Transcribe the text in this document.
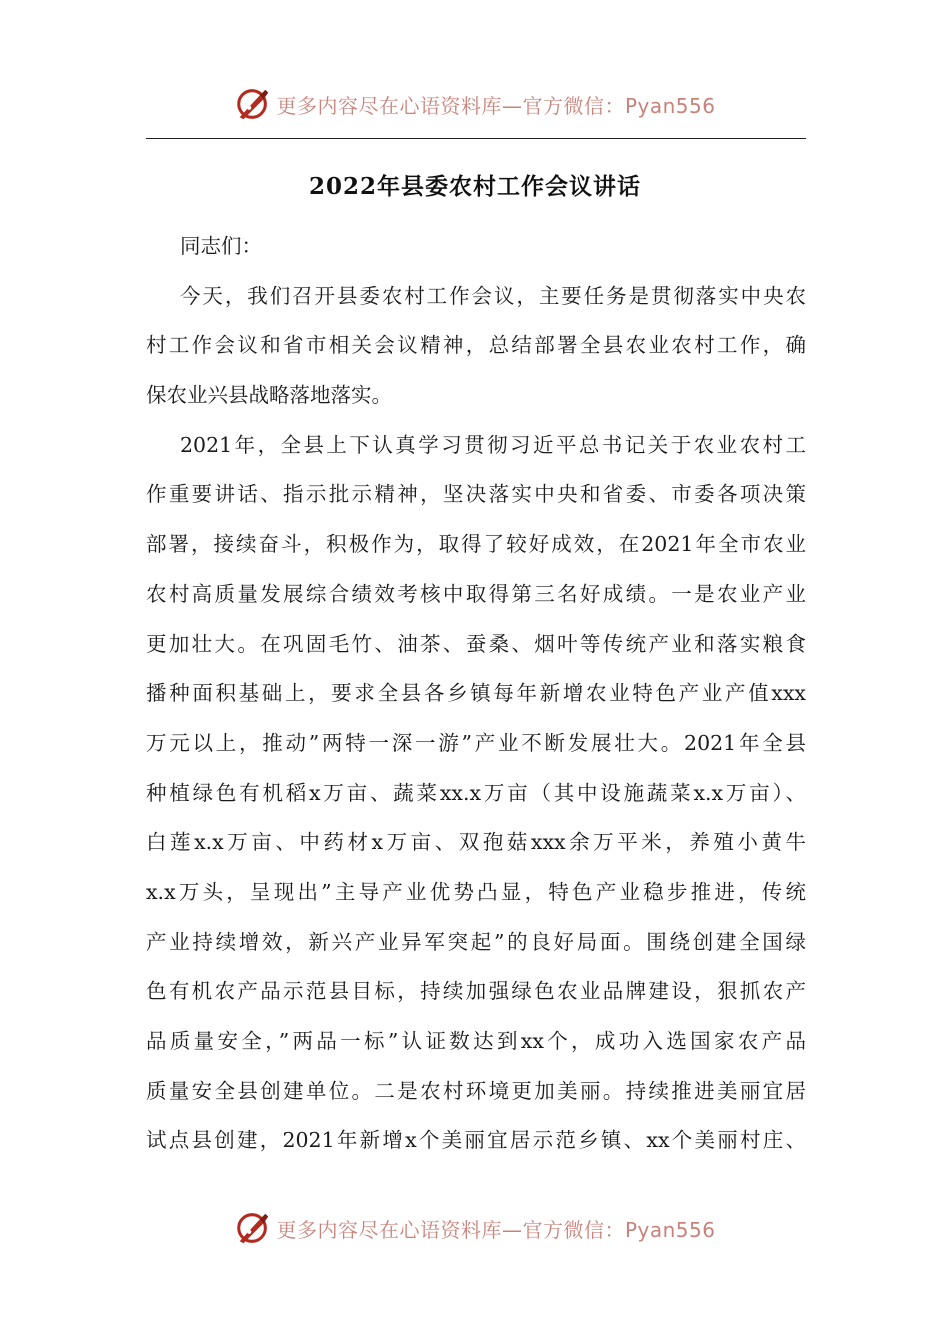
更多内容尽在心语资料库—官方微信：Pyan556
2022年县委农村工作会议讲话
同志们：
今天，我们召开县委农村工作会议，主要任务是贯彻落实中央农
村工作会议和省市相关会议精神，总结部署全县农业农村工作，确
保农业兴县战略落地落实。
2021年，全县上下认真学习贯彻习近平总书记关于农业农村工
作重要讲话、指示批示精神，坚决落实中央和省委、市委各项决策
部署，接续奋斗，积极作为，取得了较好成效，在2021年全市农业
农村高质量发展综合绩效考核中取得第三名好成绩。一是农业产业
更加壮大。在巩固毛竹、油茶、蚕桑、烟叶等传统产业和落实粮食
播种面积基础上，要求全县各乡镇每年新增农业特色产业产值xxx
万元以上，推动”两特一深一游”产业不断发展壮大。2021年全县
种植绿色有机稻x万亩、蔬菜xx.x万亩（其中设施蔬菜x.x万亩）、
白莲x.x万亩、中药材x万亩、双孢菇xxx余万平米，养殖小黄牛
x.x万头，呈现出”主导产业优势凸显，特色产业稳步推进，传统
产业持续增效，新兴产业异军突起”的良好局面。围绕创建全国绿
色有机农产品示范县目标，持续加强绿色农业品牌建设，狠抓农产
品质量安全，”两品一标”认证数达到xx个，成功入选国家农产品
质量安全县创建单位。二是农村环境更加美丽。持续推进美丽宜居
试点县创建，2021年新增x个美丽宜居示范乡镇、xx个美丽村庄、
更多内容尽在心语资料库—官方微信：Pyan556
